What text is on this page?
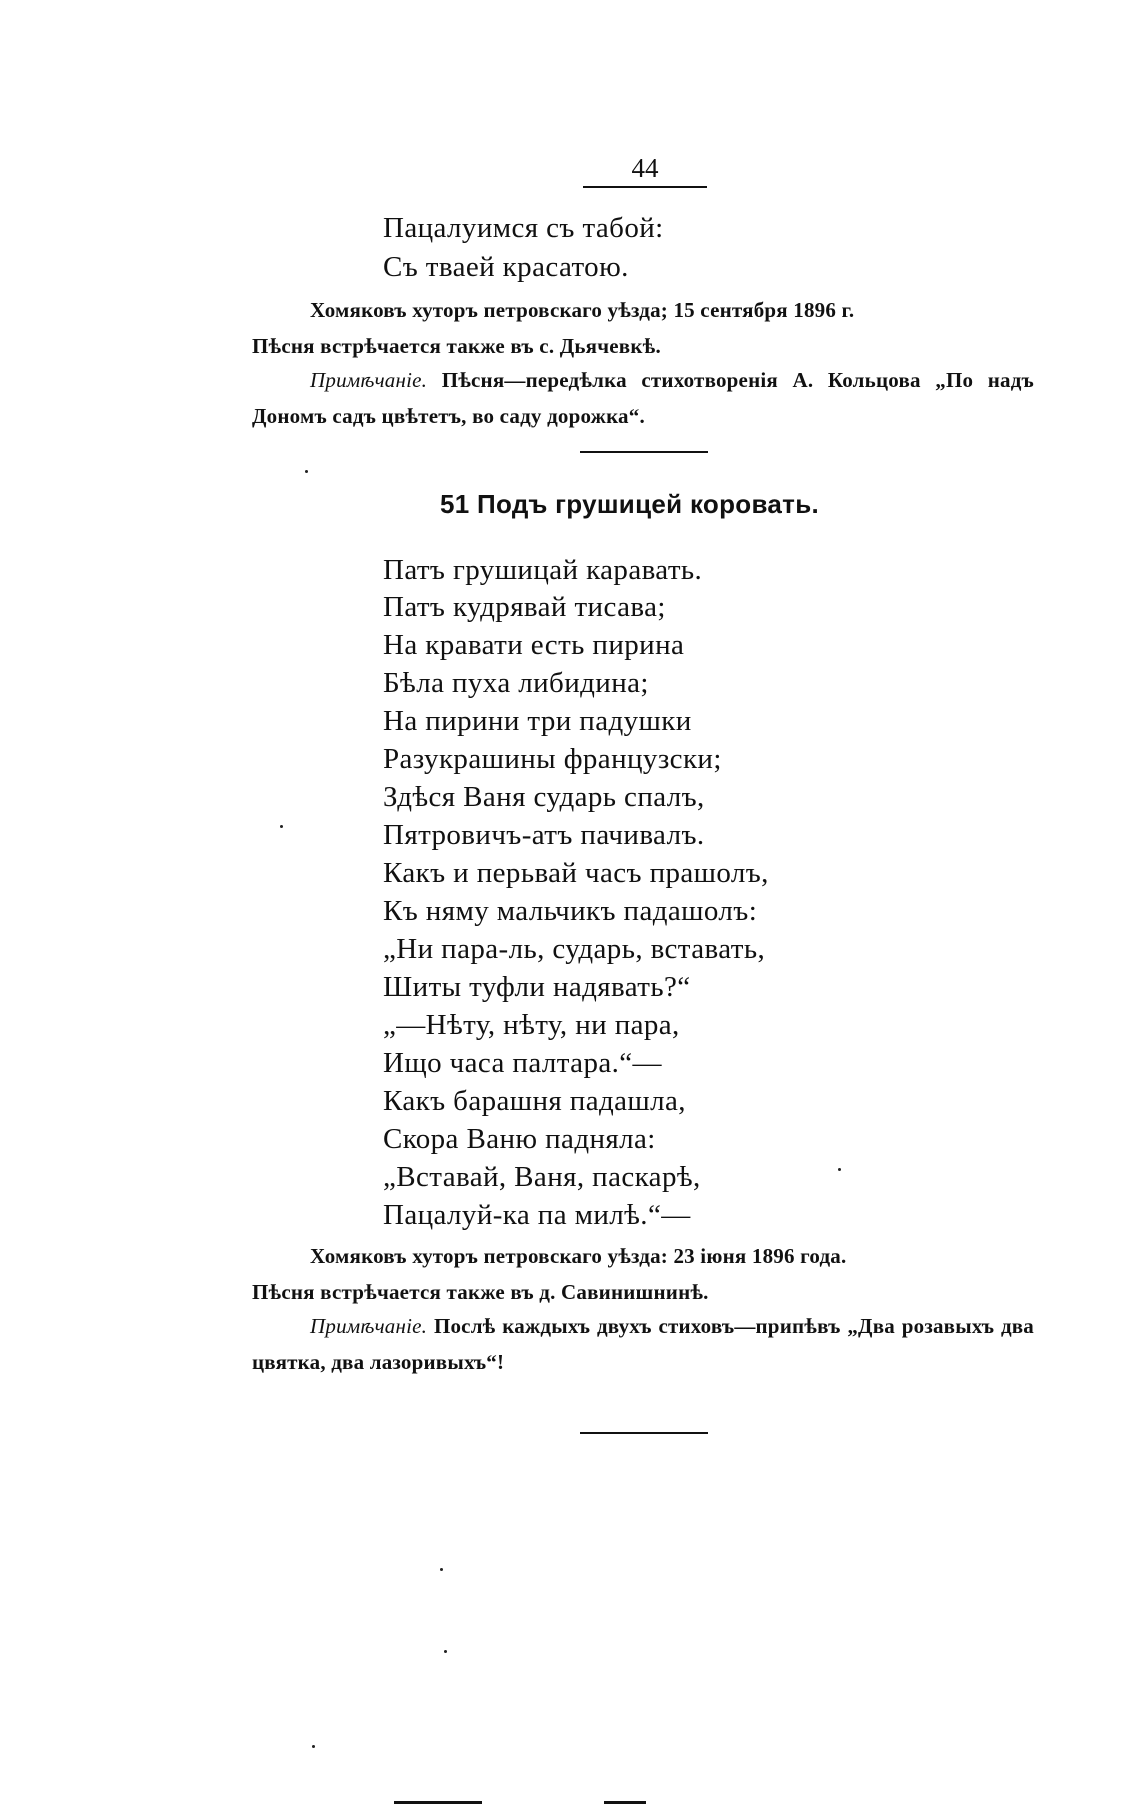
44
Пацалуимся съ табой:
Съ тваей красатою.
Хомяковъ хуторъ петровскаго уѣзда; 15 сентября 1896 г.
Пѣсня встрѣчается также въ с. Дьячевкѣ.
Примѣчаніе. Пѣсня—передѣлка стихотворенія А. Кольцова „По надъ Дономъ садъ цвѣтетъ, во саду дорожка“.
51 Подъ грушицей коровать.
Патъ грушицай каравать.
Патъ кудрявай тисава;
На кравати есть пирина
Бѣла пуха либидина;
На пирини три падушки
Разукрашины французски;
Здѣся Ваня сударь спалъ,
Пятровичъ-атъ пачивалъ.
Какъ и перьвай часъ прашолъ,
Къ няму мальчикъ падашолъ:
„Ни пара-ль, сударь, вставать,
Шиты туфли надявать?“
„—Нѣту, нѣту, ни пара,
Ищо часа палтара.“—
Какъ барашня падашла,
Скора Ваню падняла:
„Вставай, Ваня, паскарѣ,
Пацалуй-ка па милѣ.“—
Хомяковъ хуторъ петровскаго уѣзда: 23 іюня 1896 года.
Пѣсня встрѣчается также въ д. Савинишнинѣ.
Примѣчаніе. Послѣ каждыхъ двухъ стиховъ—припѣвъ „Два розавыхъ два цвятка, два лазоривыхъ“!
